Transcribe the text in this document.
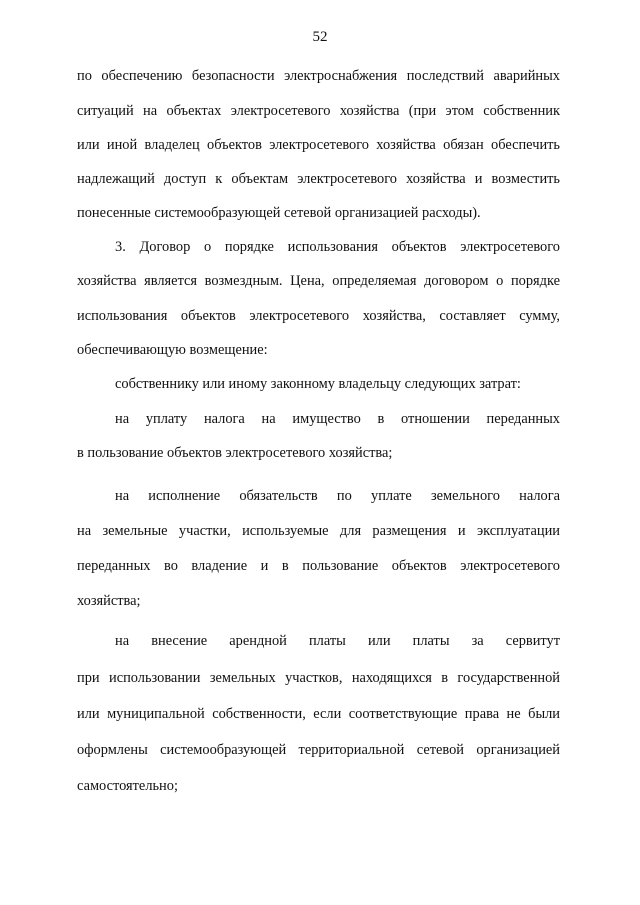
52
по обеспечению безопасности электроснабжения последствий аварийных
ситуаций на объектах электросетевого хозяйства (при этом собственник
или иной владелец объектов электросетевого хозяйства обязан обеспечить
надлежащий доступ к объектам электросетевого хозяйства и возместить
понесенные системообразующей сетевой организацией расходы).
3. Договор о порядке использования объектов электросетевого
хозяйства является возмездным. Цена, определяемая договором о порядке
использования объектов электросетевого хозяйства, составляет сумму,
обеспечивающую возмещение:
собственнику или иному законному владельцу следующих затрат:
на уплату налога на имущество в отношении переданных
в пользование объектов электросетевого хозяйства;
на исполнение обязательств по уплате земельного налога
на земельные участки, используемые для размещения и эксплуатации
переданных во владение и в пользование объектов электросетевого
хозяйства;
на внесение арендной платы или платы за сервитут
при использовании земельных участков, находящихся в государственной
или муниципальной собственности, если соответствующие права не были
оформлены системообразующей территориальной сетевой организацией
самостоятельно;
